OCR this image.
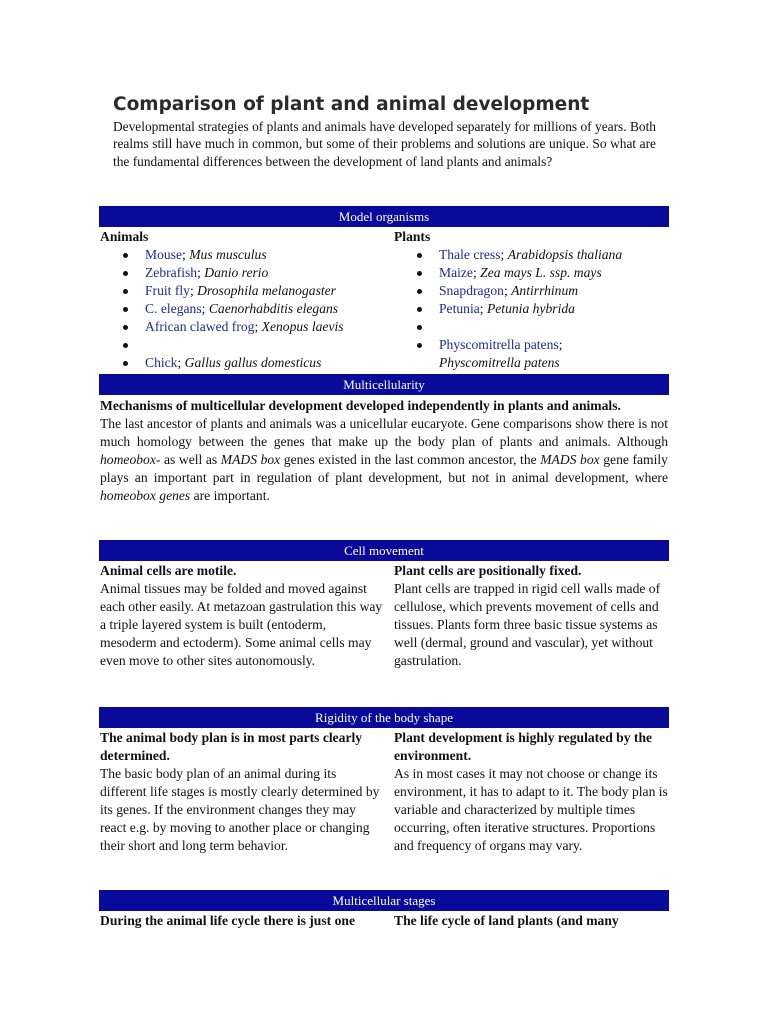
Comparison of plant and animal development
Developmental strategies of plants and animals have developed separately for millions of years. Both realms still have much in common, but some of their problems and solutions are unique. So what are the fundamental differences between the development of land plants and animals?
Model organisms
Animals
Mouse; Mus musculus
Zebrafish; Danio rerio
Fruit fly; Drosophila melanogaster
C. elegans; Caenorhabditis elegans
African clawed frog; Xenopus laevis
Chick; Gallus gallus domesticus
Plants
Thale cress; Arabidopsis thaliana
Maize; Zea mays L. ssp. mays
Snapdragon; Antirrhinum
Petunia; Petunia hybrida
Physcomitrella patens;
Physcomitrella patens
Multicellularity
Mechanisms of multicellular development developed independently in plants and animals.

The last ancestor of plants and animals was a unicellular eucaryote. Gene comparisons show there is not much homology between the genes that make up the body plan of plants and animals. Although homeobox- as well as MADS box genes existed in the last common ancestor, the MADS box gene family plays an important part in regulation of plant development, but not in animal development, where homeobox genes are important.

Cell movement
Animal cells are motile.
Animal tissues may be folded and moved against each other easily. At metazoan gastrulation this way a triple layered system is built (entoderm, mesoderm and ectoderm). Some animal cells may even move to other sites autonomously.
Plant cells are positionally fixed.
Plant cells are trapped in rigid cell walls made of cellulose, which prevents movement of cells and tissues. Plants form three basic tissue systems as well (dermal, ground and vascular), yet without gastrulation.
Rigidity of the body shape
The animal body plan is in most parts clearly determined.
The basic body plan of an animal during its different life stages is mostly clearly determined by its genes. If the environment changes they may react e.g. by moving to another place or changing their short and long term behavior.
Plant development is highly regulated by the environment.
As in most cases it may not choose or change its environment, it has to adapt to it. The body plan is variable and characterized by multiple times occurring, often iterative structures. Proportions and frequency of organs may vary.
Multicellular stages
During the animal life cycle there is just one	The life cycle of land plants (and many
